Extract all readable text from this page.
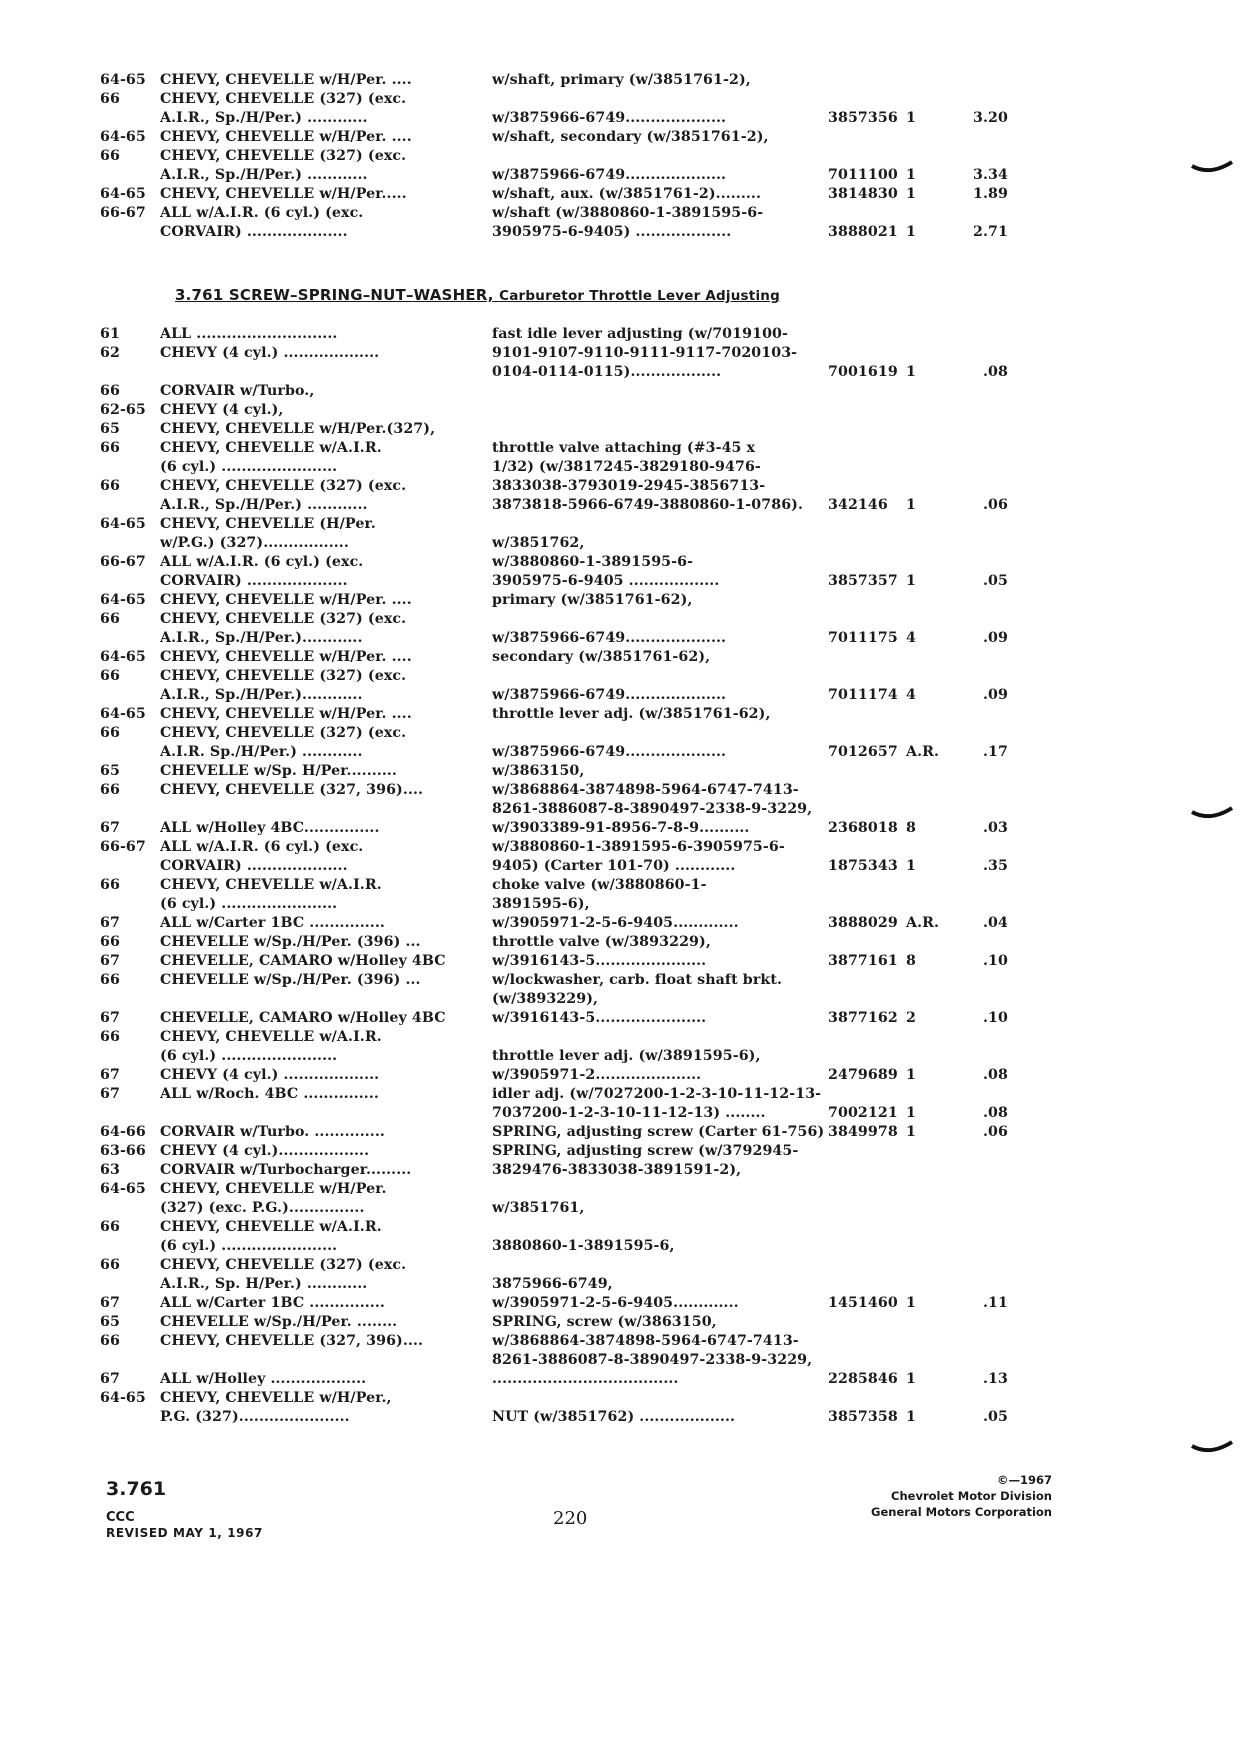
64-65 CHEVY, CHEVELLE w/H/Per. ....	w/shaft, primary (w/3851761-2),
66	CHEVY, CHEVELLE (327) (exc.
A.I.R., Sp./H/Per.) ............	w/3875966-6749....................	3857356 1	3.20
64-65 CHEVY, CHEVELLE w/H/Per. ....	w/shaft, secondary (w/3851761-2),
66	CHEVY, CHEVELLE (327) (exc.
A.I.R., Sp./H/Per.) ............	w/3875966-6749....................	7011100 1	3.34
64-65 CHEVY, CHEVELLE w/H/Per.....	w/shaft, aux. (w/3851761-2).........	3814830 1	1.89
66-67 ALL w/A.I.R. (6 cyl.) (exc.	w/shaft (w/3880860-1-3891595-6-
CORVAIR) ....................	3905975-6-9405) ...................	3888021 1	2.71
3.761 SCREW–SPRING–NUT–WASHER, Carburetor Throttle Lever Adjusting
61	ALL ............................	fast idle lever adjusting (w/7019100-
62	CHEVY (4 cyl.) ...................	9101-9107-9110-9111-9117-7020103-
0104-0114-0115)..................	7001619 1	.08
66	CORVAIR w/Turbo.,
62-65 CHEVY (4 cyl.),
65	CHEVY, CHEVELLE w/H/Per.(327),
66	CHEVY, CHEVELLE w/A.I.R.	throttle valve attaching (#3-45 x
(6 cyl.) .......................	1/32) (w/3817245-3829180-9476-
66	CHEVY, CHEVELLE (327) (exc.	3833038-3793019-2945-3856713-
A.I.R., Sp./H/Per.) ............	3873818-5966-6749-3880860-1-0786).	342146	1	.06
64-65 CHEVY, CHEVELLE (H/Per.
w/P.G.) (327).................	w/3851762,
66-67 ALL w/A.I.R. (6 cyl.) (exc.	w/3880860-1-3891595-6-
CORVAIR) ....................	3905975-6-9405 ..................	3857357 1	.05
64-65 CHEVY, CHEVELLE w/H/Per. ....	primary (w/3851761-62),
66	CHEVY, CHEVELLE (327) (exc.
A.I.R., Sp./H/Per.)............	w/3875966-6749....................	7011175 4	.09
64-65 CHEVY, CHEVELLE w/H/Per. ....	secondary (w/3851761-62),
66	CHEVY, CHEVELLE (327) (exc.
A.I.R., Sp./H/Per.)............	w/3875966-6749....................	7011174 4	.09
64-65 CHEVY, CHEVELLE w/H/Per. ....	throttle lever adj. (w/3851761-62),
66	CHEVY, CHEVELLE (327) (exc.
A.I.R. Sp./H/Per.) ............	w/3875966-6749....................	7012657 A.R.	.17
65	CHEVELLE w/Sp. H/Per..........	w/3863150,
66	CHEVY, CHEVELLE (327, 396)....	w/3868864-3874898-5964-6747-7413-
8261-3886087-8-3890497-2338-9-3229,
67	ALL w/Holley 4BC...............	w/3903389-91-8956-7-8-9..........	2368018 8	.03
66-67 ALL w/A.I.R. (6 cyl.) (exc.	w/3880860-1-3891595-6-3905975-6-
CORVAIR) ....................	9405) (Carter 101-70) ............	1875343 1	.35
66	CHEVY, CHEVELLE w/A.I.R.	choke valve (w/3880860-1-
(6 cyl.) .......................	3891595-6),
67	ALL w/Carter 1BC ...............	w/3905971-2-5-6-9405.............	3888029 A.R.	.04
66	CHEVELLE w/Sp./H/Per. (396) ...	throttle valve (w/3893229),
67	CHEVELLE, CAMARO w/Holley 4BC	w/3916143-5......................	3877161 8	.10
66	CHEVELLE w/Sp./H/Per. (396) ...	w/lockwasher, carb. float shaft brkt.
(w/3893229),
67	CHEVELLE, CAMARO w/Holley 4BC	w/3916143-5......................	3877162 2	.10
66	CHEVY, CHEVELLE w/A.I.R.
(6 cyl.) .......................	throttle lever adj. (w/3891595-6),
67	CHEVY (4 cyl.) ...................	w/3905971-2.....................	2479689 1	.08
67	ALL w/Roch. 4BC ...............	idler adj. (w/7027200-1-2-3-10-11-12-13-
7037200-1-2-3-10-11-12-13) ........	7002121 1	.08
64-66 CORVAIR w/Turbo. ..............	SPRING, adjusting screw (Carter 61-756) 3849978 1	.06
63-66 CHEVY (4 cyl.)..................	SPRING, adjusting screw (w/3792945-
63	CORVAIR w/Turbocharger.........	3829476-3833038-3891591-2),
64-65 CHEVY, CHEVELLE w/H/Per.
(327) (exc. P.G.)...............	w/3851761,
66	CHEVY, CHEVELLE w/A.I.R.
(6 cyl.) .......................	3880860-1-3891595-6,
66	CHEVY, CHEVELLE (327) (exc.
A.I.R., Sp. H/Per.) ............	3875966-6749,
67	ALL w/Carter 1BC ...............	w/3905971-2-5-6-9405.............	1451460 1	.11
65	CHEVELLE w/Sp./H/Per. ........	SPRING, screw (w/3863150,
66	CHEVY, CHEVELLE (327, 396)....	w/3868864-3874898-5964-6747-7413-
8261-3886087-8-3890497-2338-9-3229,
67	ALL w/Holley ...................	.....................................	2285846 1	.13
64-65 CHEVY, CHEVELLE w/H/Per.,
P.G. (327)......................	NUT (w/3851762) ...................	3857358 1	.05
3.761
CCC
REVISED MAY 1, 1967
220
©—1967
Chevrolet Motor Division
General Motors Corporation
